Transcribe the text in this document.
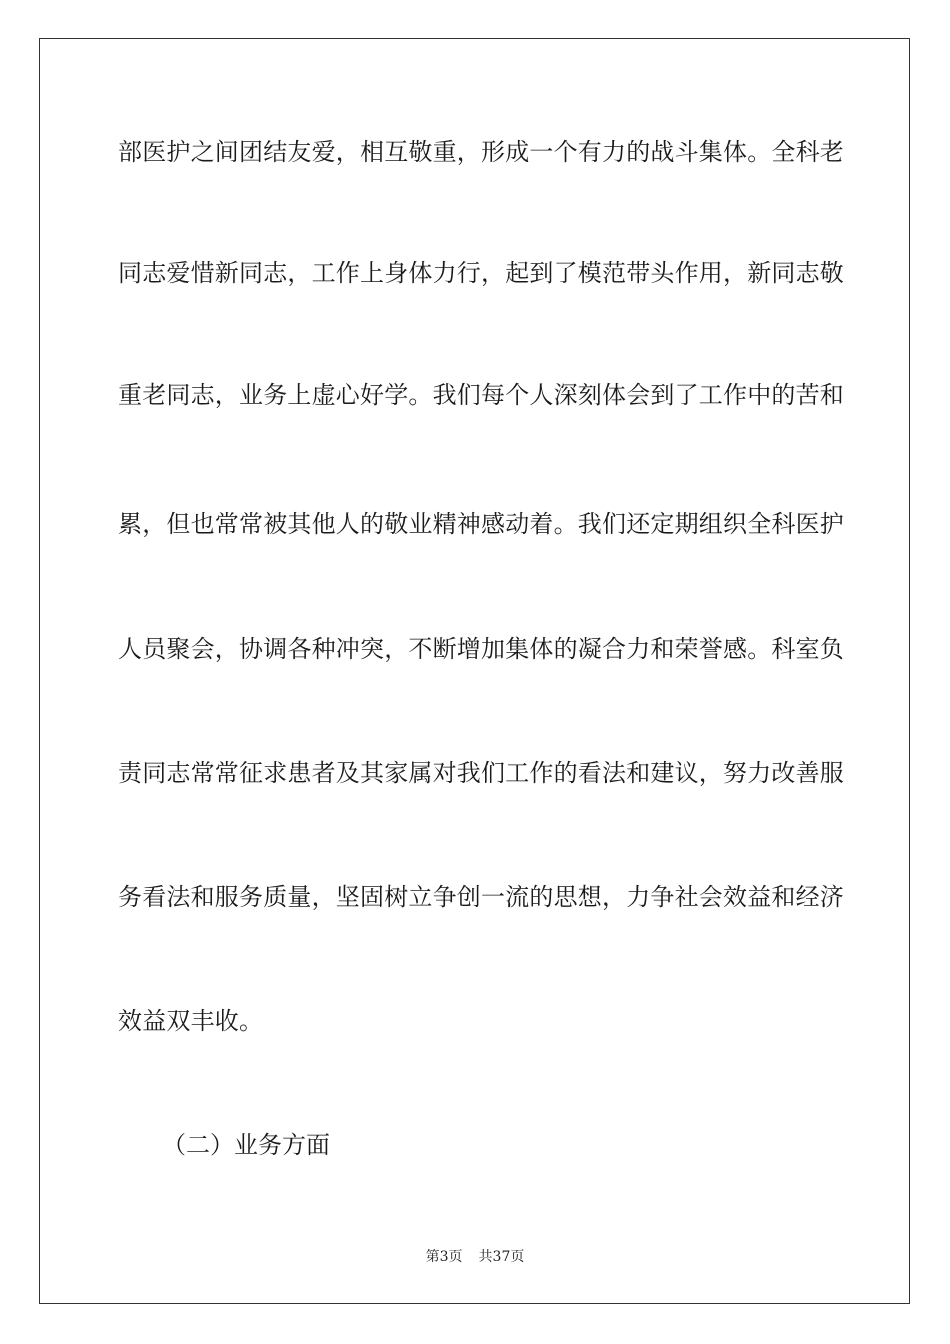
部医护之间团结友爱，相互敬重，形成一个有力的战斗集体。全科老
同志爱惜新同志，工作上身体力行，起到了模范带头作用，新同志敬
重老同志，业务上虚心好学。我们每个人深刻体会到了工作中的苦和
累，但也常常被其他人的敬业精神感动着。我们还定期组织全科医护
人员聚会，协调各种冲突，不断增加集体的凝合力和荣誉感。科室负
责同志常常征求患者及其家属对我们工作的看法和建议，努力改善服
务看法和服务质量，坚固树立争创一流的思想，力争社会效益和经济
效益双丰收。
（二）业务方面
第3页 共37页
